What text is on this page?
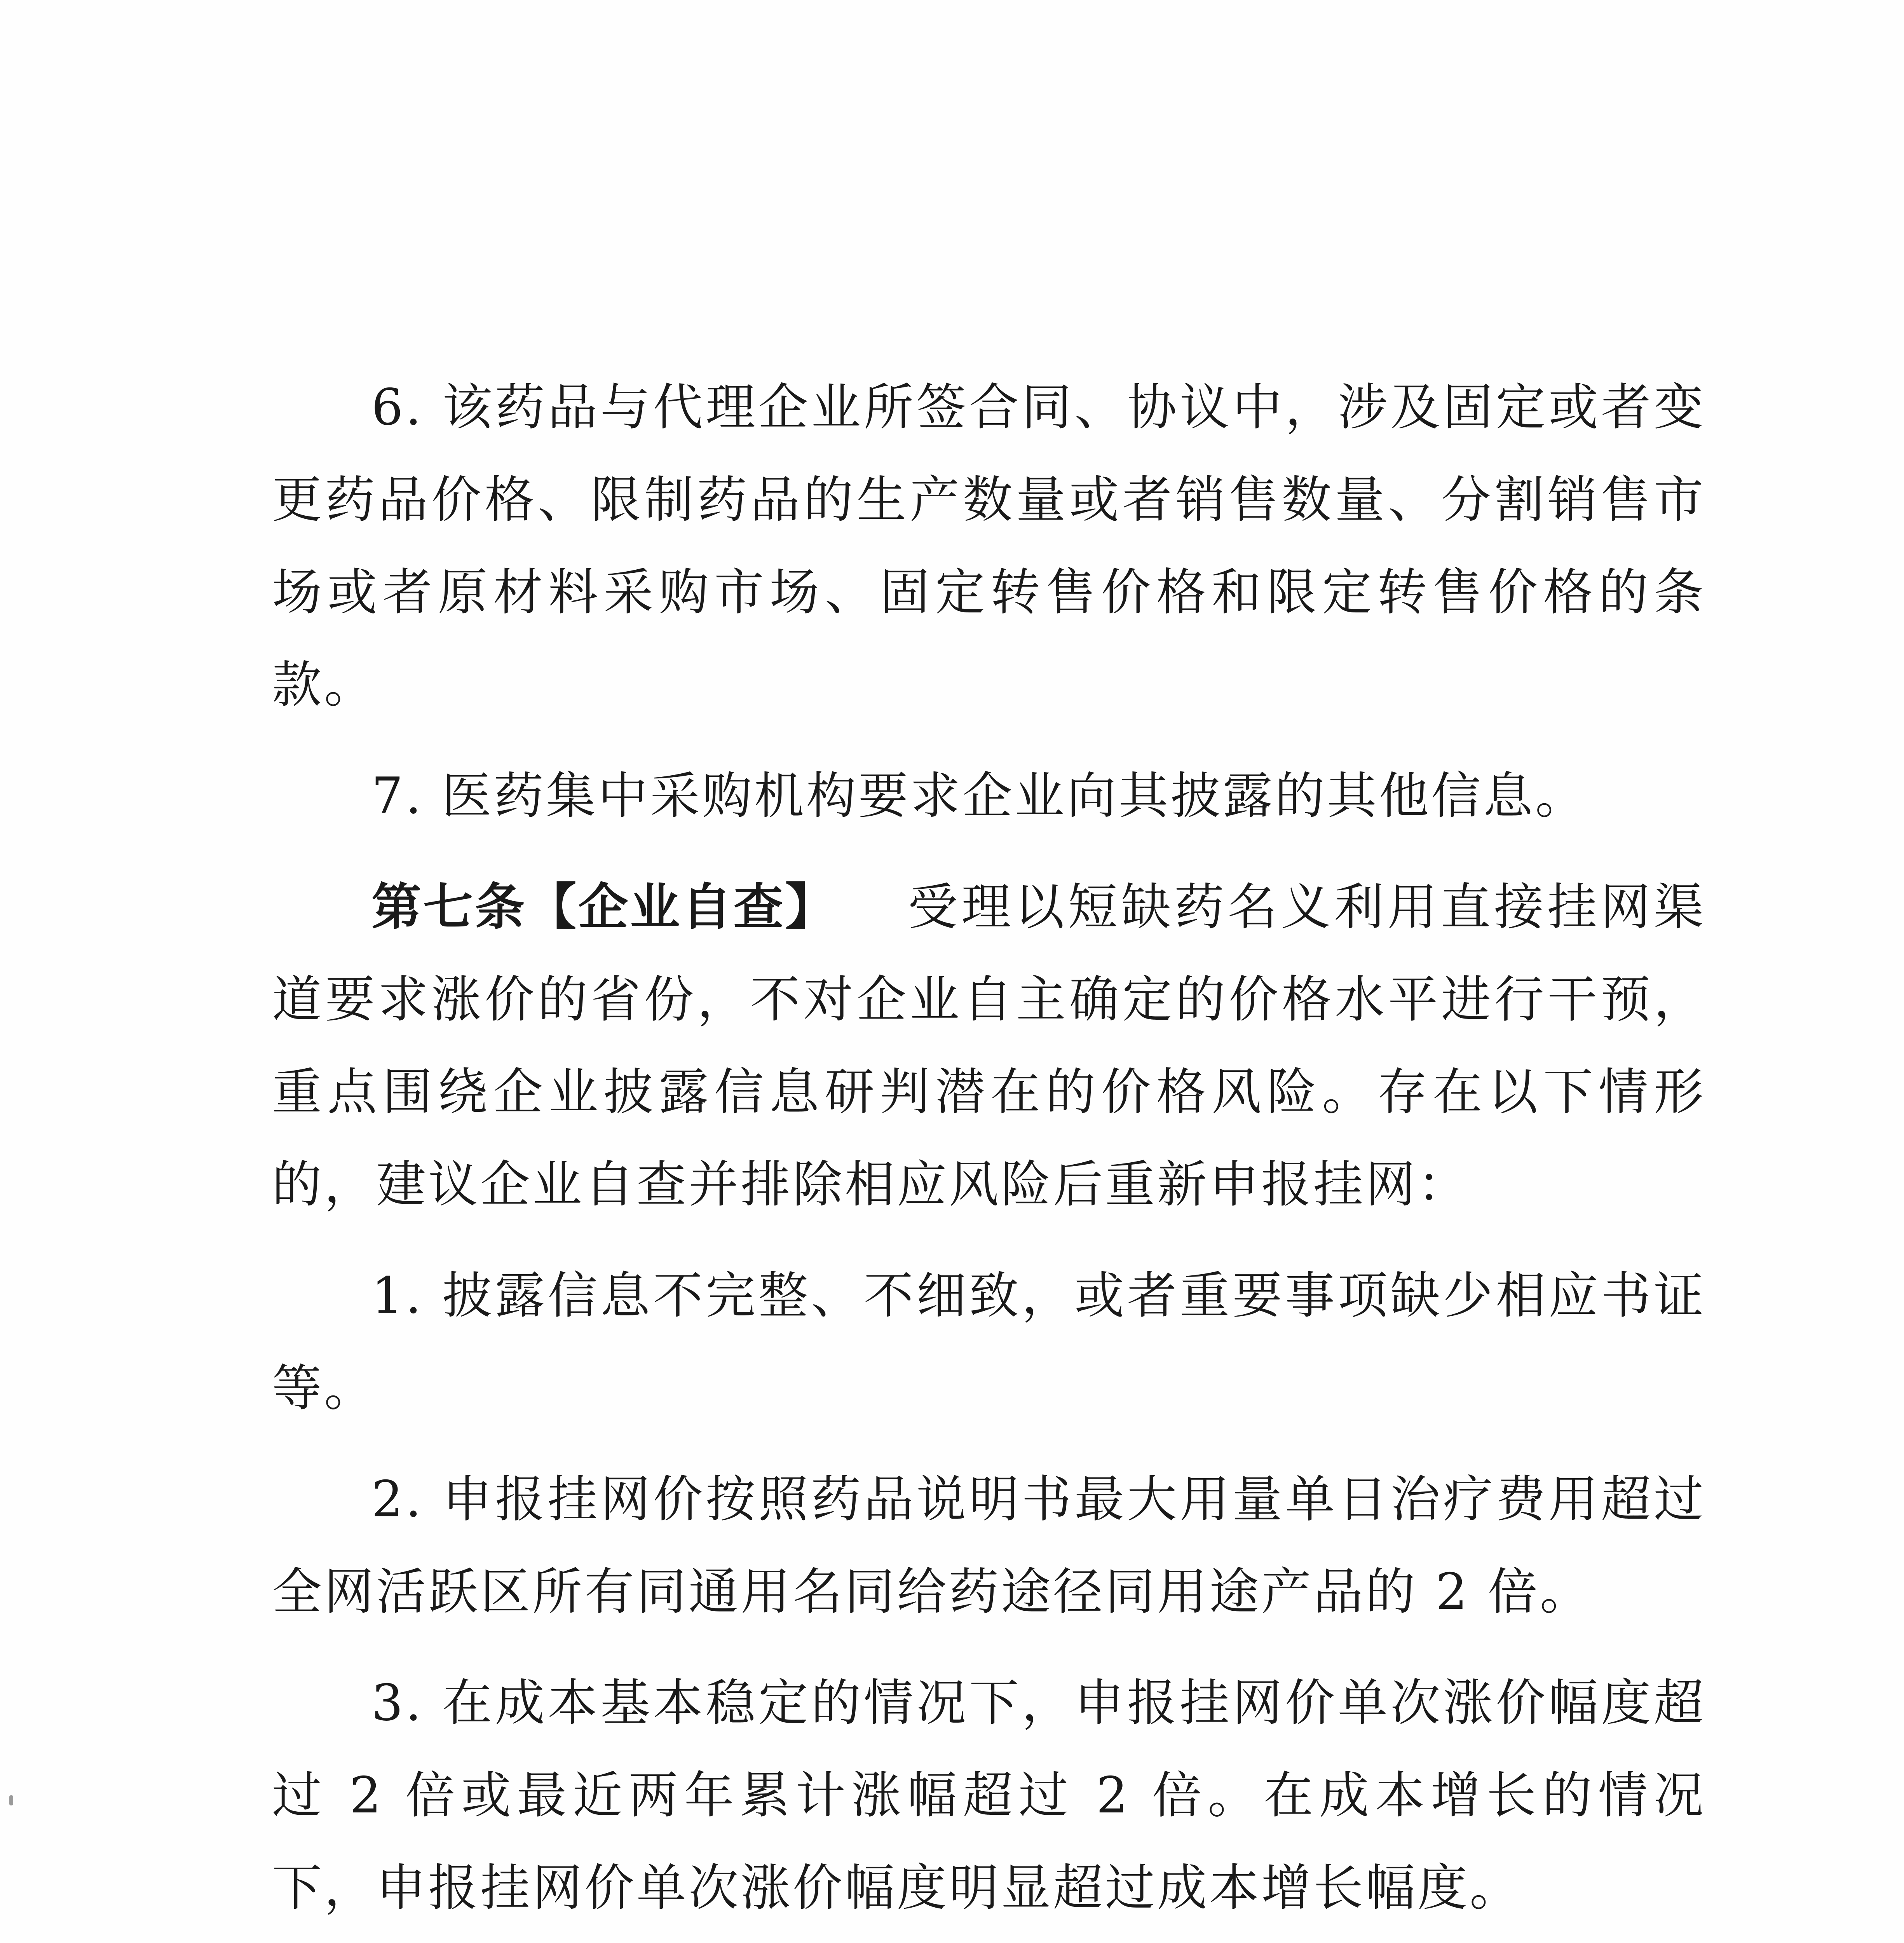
6. 该药品与代理企业所签合同、协议中，涉及固定或者变更药品价格、限制药品的生产数量或者销售数量、分割销售市场或者原材料采购市场、固定转售价格和限定转售价格的条款。

7. 医药集中采购机构要求企业向其披露的其他信息。

第七条【企业自查】 受理以短缺药名义利用直接挂网渠道要求涨价的省份，不对企业自主确定的价格水平进行干预，重点围绕企业披露信息研判潜在的价格风险。存在以下情形的，建议企业自查并排除相应风险后重新申报挂网：

1. 披露信息不完整、不细致，或者重要事项缺少相应书证等。

2. 申报挂网价按照药品说明书最大用量单日治疗费用超过全网活跃区所有同通用名同给药途径同用途产品的 2 倍。

3. 在成本基本稳定的情况下，申报挂网价单次涨价幅度超过 2 倍或最近两年累计涨幅超过 2 倍。在成本增长的情况下，申报挂网价单次涨价幅度明显超过成本增长幅度。
